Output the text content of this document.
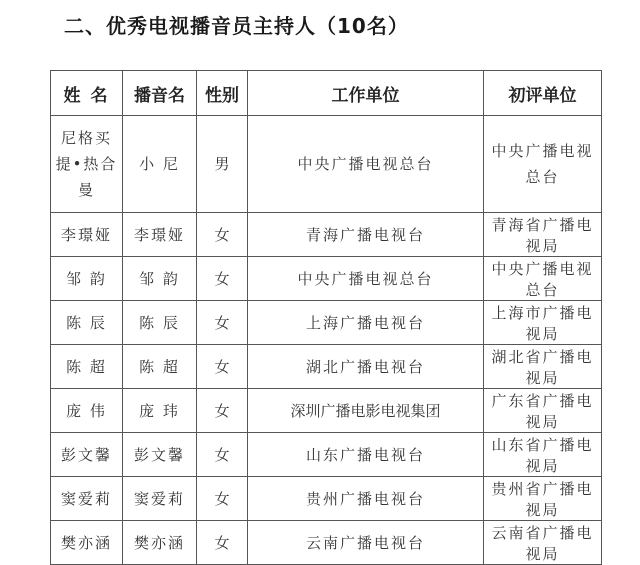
二、优秀电视播音员主持人（10名）
姓 名	播音名	性别	工作单位	初评单位
尼格买提•热合曼	小 尼	男	中央广播电视总台	中央广播电视总台
李璟娅	李璟娅	女	青海广播电视台	青海省广播电视局
邹 韵	邹 韵	女	中央广播电视总台	中央广播电视总台
陈 辰	陈 辰	女	上海广播电视台	上海市广播电视局
陈 超	陈 超	女	湖北广播电视台	湖北省广播电视局
庞 伟	庞 玮	女	深圳广播电影电视集团	广东省广播电视局
彭文馨	彭文馨	女	山东广播电视台	山东省广播电视局
窦爱莉	窦爱莉	女	贵州广播电视台	贵州省广播电视局
樊亦涵	樊亦涵	女	云南广播电视台	云南省广播电视局
